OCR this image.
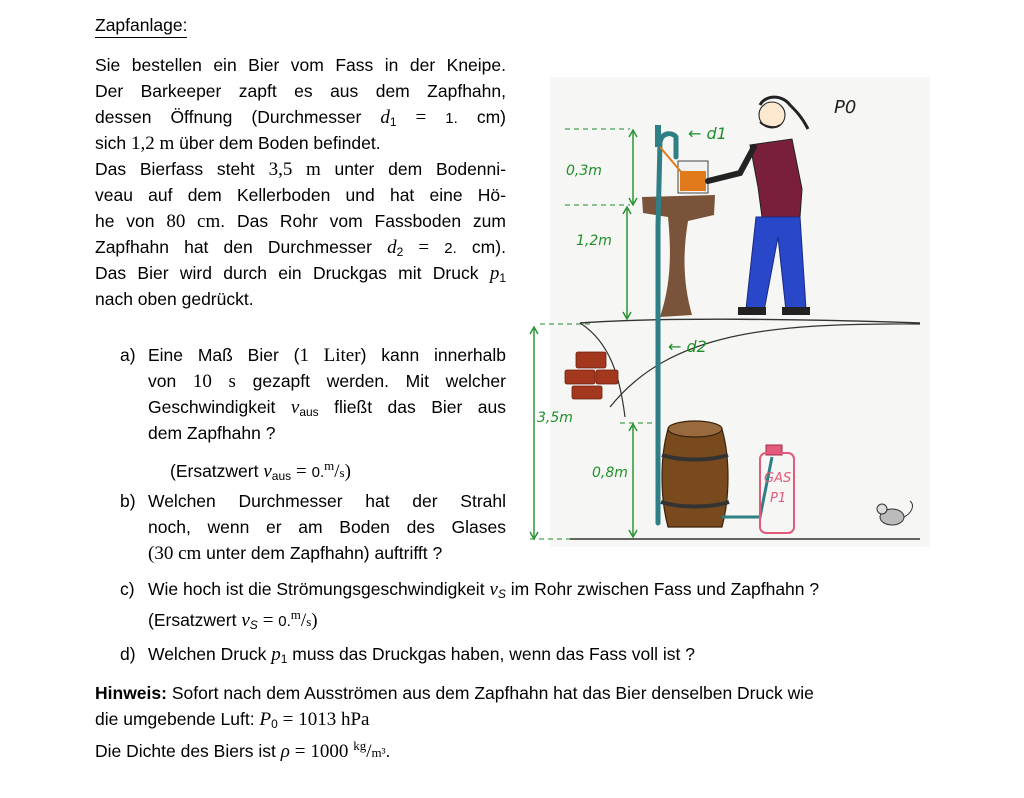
Zapfanlage:
Sie bestellen ein Bier vom Fass in der Kneipe.
Der Barkeeper zapft es aus dem Zapfhahn,
dessen Öffnung (Durchmesser $d_1 = 1$. cm)
sich 1,2 m über dem Boden befindet.
Das Bierfass steht 3,5 m unter dem Bodenni-
veau auf dem Kellerboden und hat eine Hö-
he von 80 cm. Das Rohr vom Fassboden zum
Zapfhahn hat den Durchmesser $d_2 = 2$. cm).
Das Bier wird durch ein Druckgas mit Druck $p_1$
nach oben gedrückt.
a) Eine Maß Bier (1 Liter) kann innerhalb
von 10 s gezapft werden. Mit welcher
Geschwindigkeit $v_{aus}$ fließt das Bier aus
dem Zapfhahn ?
(Ersatzwert $v_{aus} = 0.^m/s$)
b) Welchen Durchmesser hat der Strahl
noch, wenn er am Boden des Glases
(30 cm unter dem Zapfhahn) auftrifft ?
c) Wie hoch ist die Strömungsgeschwindigkeit $v_S$ im Rohr zwischen Fass und Zapfhahn ?
(Ersatzwert $v_S = 0.^m/s$)
d) Welchen Druck $p_1$ muss das Druckgas haben, wenn das Fass voll ist ?
Hinweis: Sofort nach dem Ausströmen aus dem Zapfhahn hat das Bier denselben Druck wie
die umgebende Luft: $P_0 = 1013$ hPa
Die Dichte des Biers ist ρ = 1000 $^{kg}$/m³.
P0
← d1
← d2
0,3m
1,2m
3,5m
0,8m	GAS
P1
